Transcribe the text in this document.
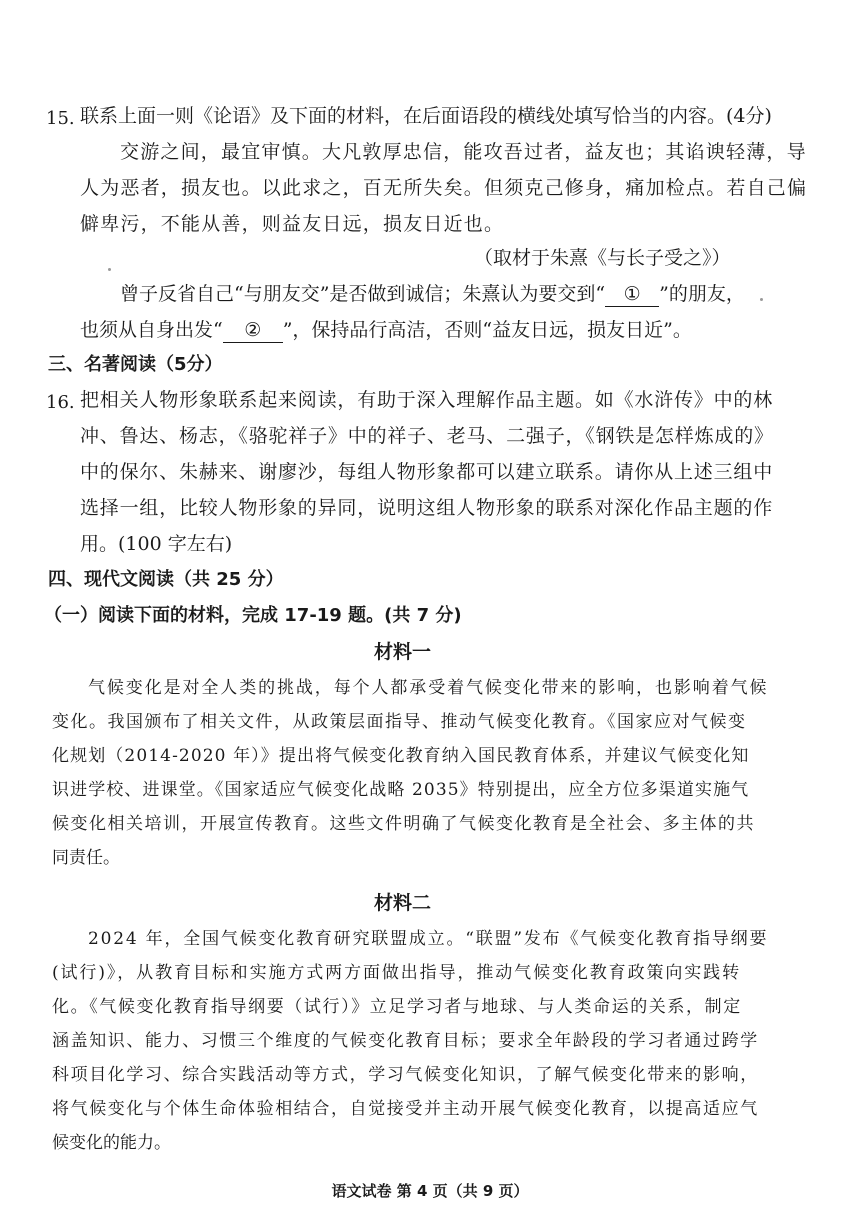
15. 联系上面一则《论语》及下面的材料，在后面语段的横线处填写恰当的内容。(4分)
交游之间，最宜审慎。大凡敦厚忠信，能攻吾过者，益友也；其谄谀轻薄，导
人为恶者，损友也。以此求之，百无所失矣。但须克己修身，痛加检点。若自己偏
僻卑污，不能从善，则益友日远，损友日近也。
（取材于朱熹《与长子受之》）
曾子反省自己“与朋友交”是否做到诚信；朱熹认为要交到“ ① ”的朋友，
也须从自身出发“ ② ”，保持品行高洁，否则“益友日远，损友日近”。
三、名著阅读（5分）
16. 把相关人物形象联系起来阅读，有助于深入理解作品主题。如《水浒传》中的林
冲、鲁达、杨志，《骆驼祥子》中的祥子、老马、二强子，《钢铁是怎样炼成的》
中的保尔、朱赫来、谢廖沙，每组人物形象都可以建立联系。请你从上述三组中
选择一组，比较人物形象的异同，说明这组人物形象的联系对深化作品主题的作
用。(100 字左右)
四、现代文阅读（共 25 分）
（一）阅读下面的材料，完成 17-19 题。(共 7 分)
材料一
气候变化是对全人类的挑战，每个人都承受着气候变化带来的影响，也影响着气候
变化。我国颁布了相关文件，从政策层面指导、推动气候变化教育。《国家应对气候变
化规划（2014-2020 年）》提出将气候变化教育纳入国民教育体系，并建议气候变化知
识进学校、进课堂。《国家适应气候变化战略 2035》特别提出，应全方位多渠道实施气
候变化相关培训，开展宣传教育。这些文件明确了气候变化教育是全社会、多主体的共
同责任。
材料二
2024 年，全国气候变化教育研究联盟成立。“联盟”发布《气候变化教育指导纲要
(试行)》，从教育目标和实施方式两方面做出指导，推动气候变化教育政策向实践转
化。《气候变化教育指导纲要（试行）》立足学习者与地球、与人类命运的关系，制定
涵盖知识、能力、习惯三个维度的气候变化教育目标；要求全年龄段的学习者通过跨学
科项目化学习、综合实践活动等方式，学习气候变化知识，了解气候变化带来的影响，
将气候变化与个体生命体验相结合，自觉接受并主动开展气候变化教育，以提高适应气
候变化的能力。
语文试卷 第 4 页（共 9 页）
